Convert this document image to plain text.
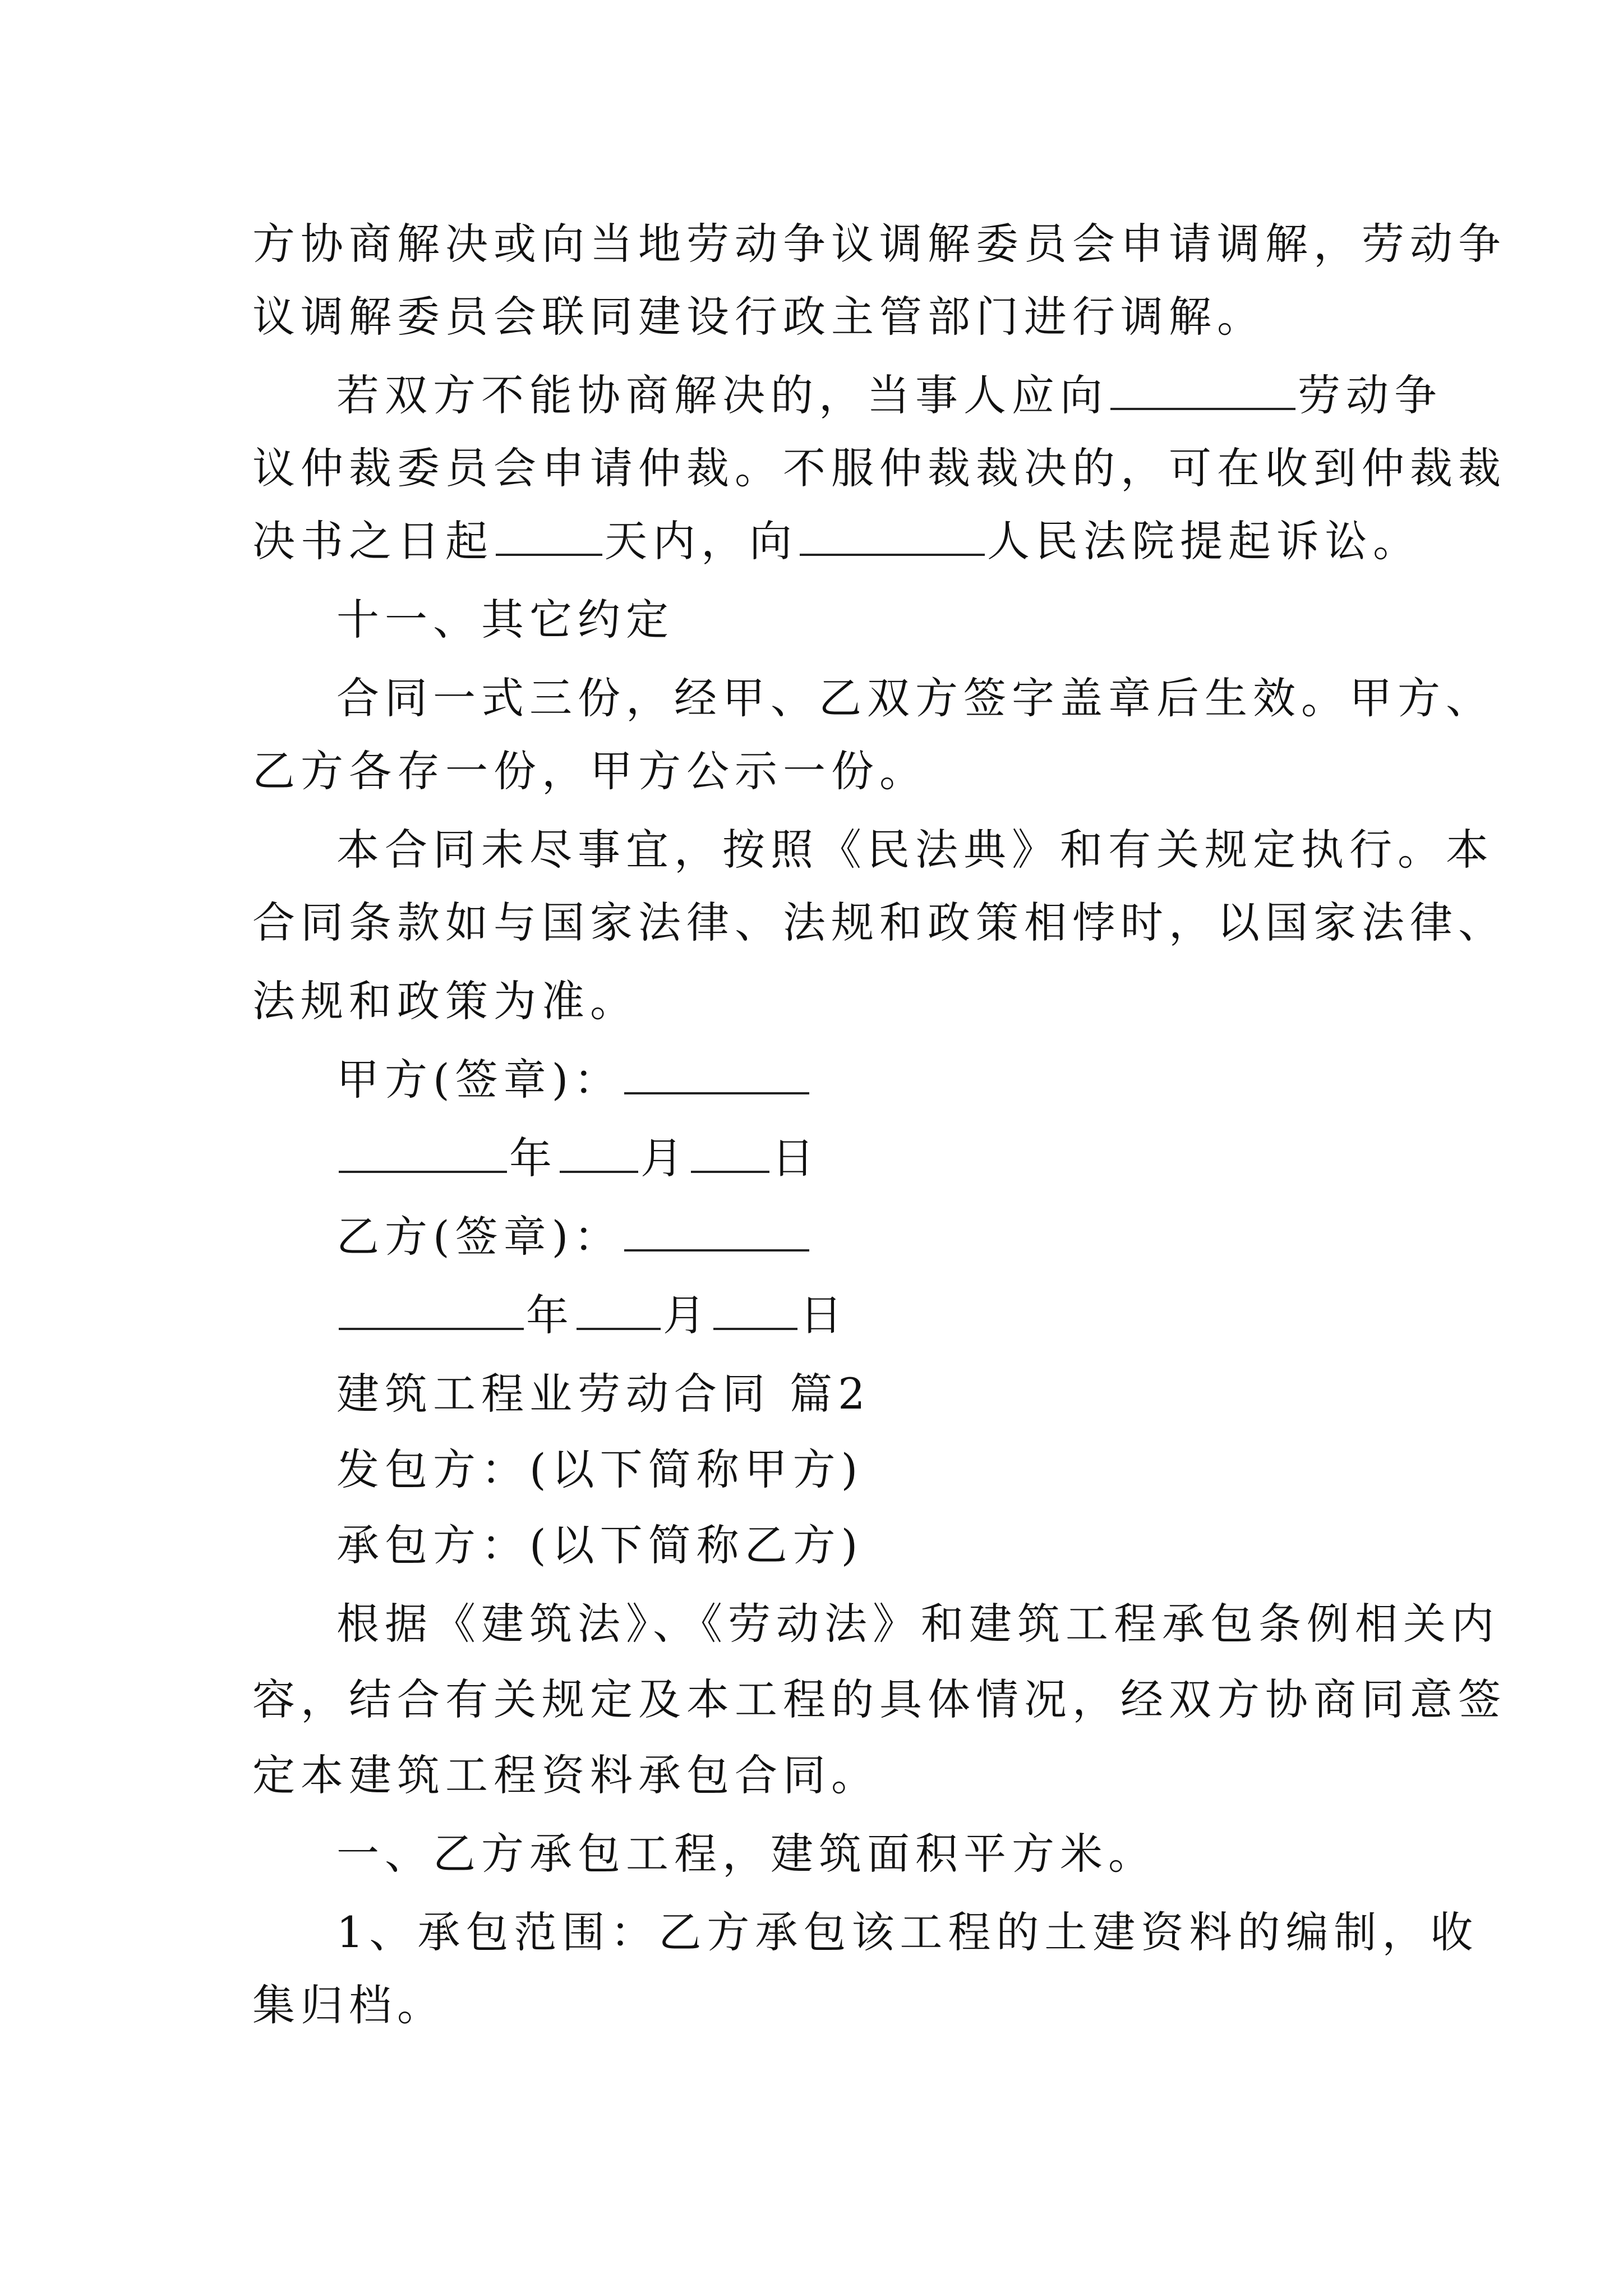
方协商解决或向当地劳动争议调解委员会申请调解，劳动争
议调解委员会联同建设行政主管部门进行调解。
若双方不能协商解决的，当事人应向	劳动争
议仲裁委员会申请仲裁。不服仲裁裁决的，可在收到仲裁裁
决书之日起	天内，向	人民法院提起诉讼。
十一、其它约定
合同一式三份，经甲、乙双方签字盖章后生效。甲方、
乙方各存一份，甲方公示一份。
本合同未尽事宜，按照《民法典》和有关规定执行。本
合同条款如与国家法律、法规和政策相悖时，以国家法律、
法规和政策为准。
甲方(签章)：
年 月 日
乙方(签章)：
年 月 日
建筑工程业劳动合同 篇2
发包方：(以下简称甲方)
承包方：(以下简称乙方)
根据《建筑法》、《劳动法》和建筑工程承包条例相关内
容，结合有关规定及本工程的具体情况，经双方协商同意签
定本建筑工程资料承包合同。
一、乙方承包工程，建筑面积平方米。
1、承包范围：乙方承包该工程的土建资料的编制，收
集归档。
